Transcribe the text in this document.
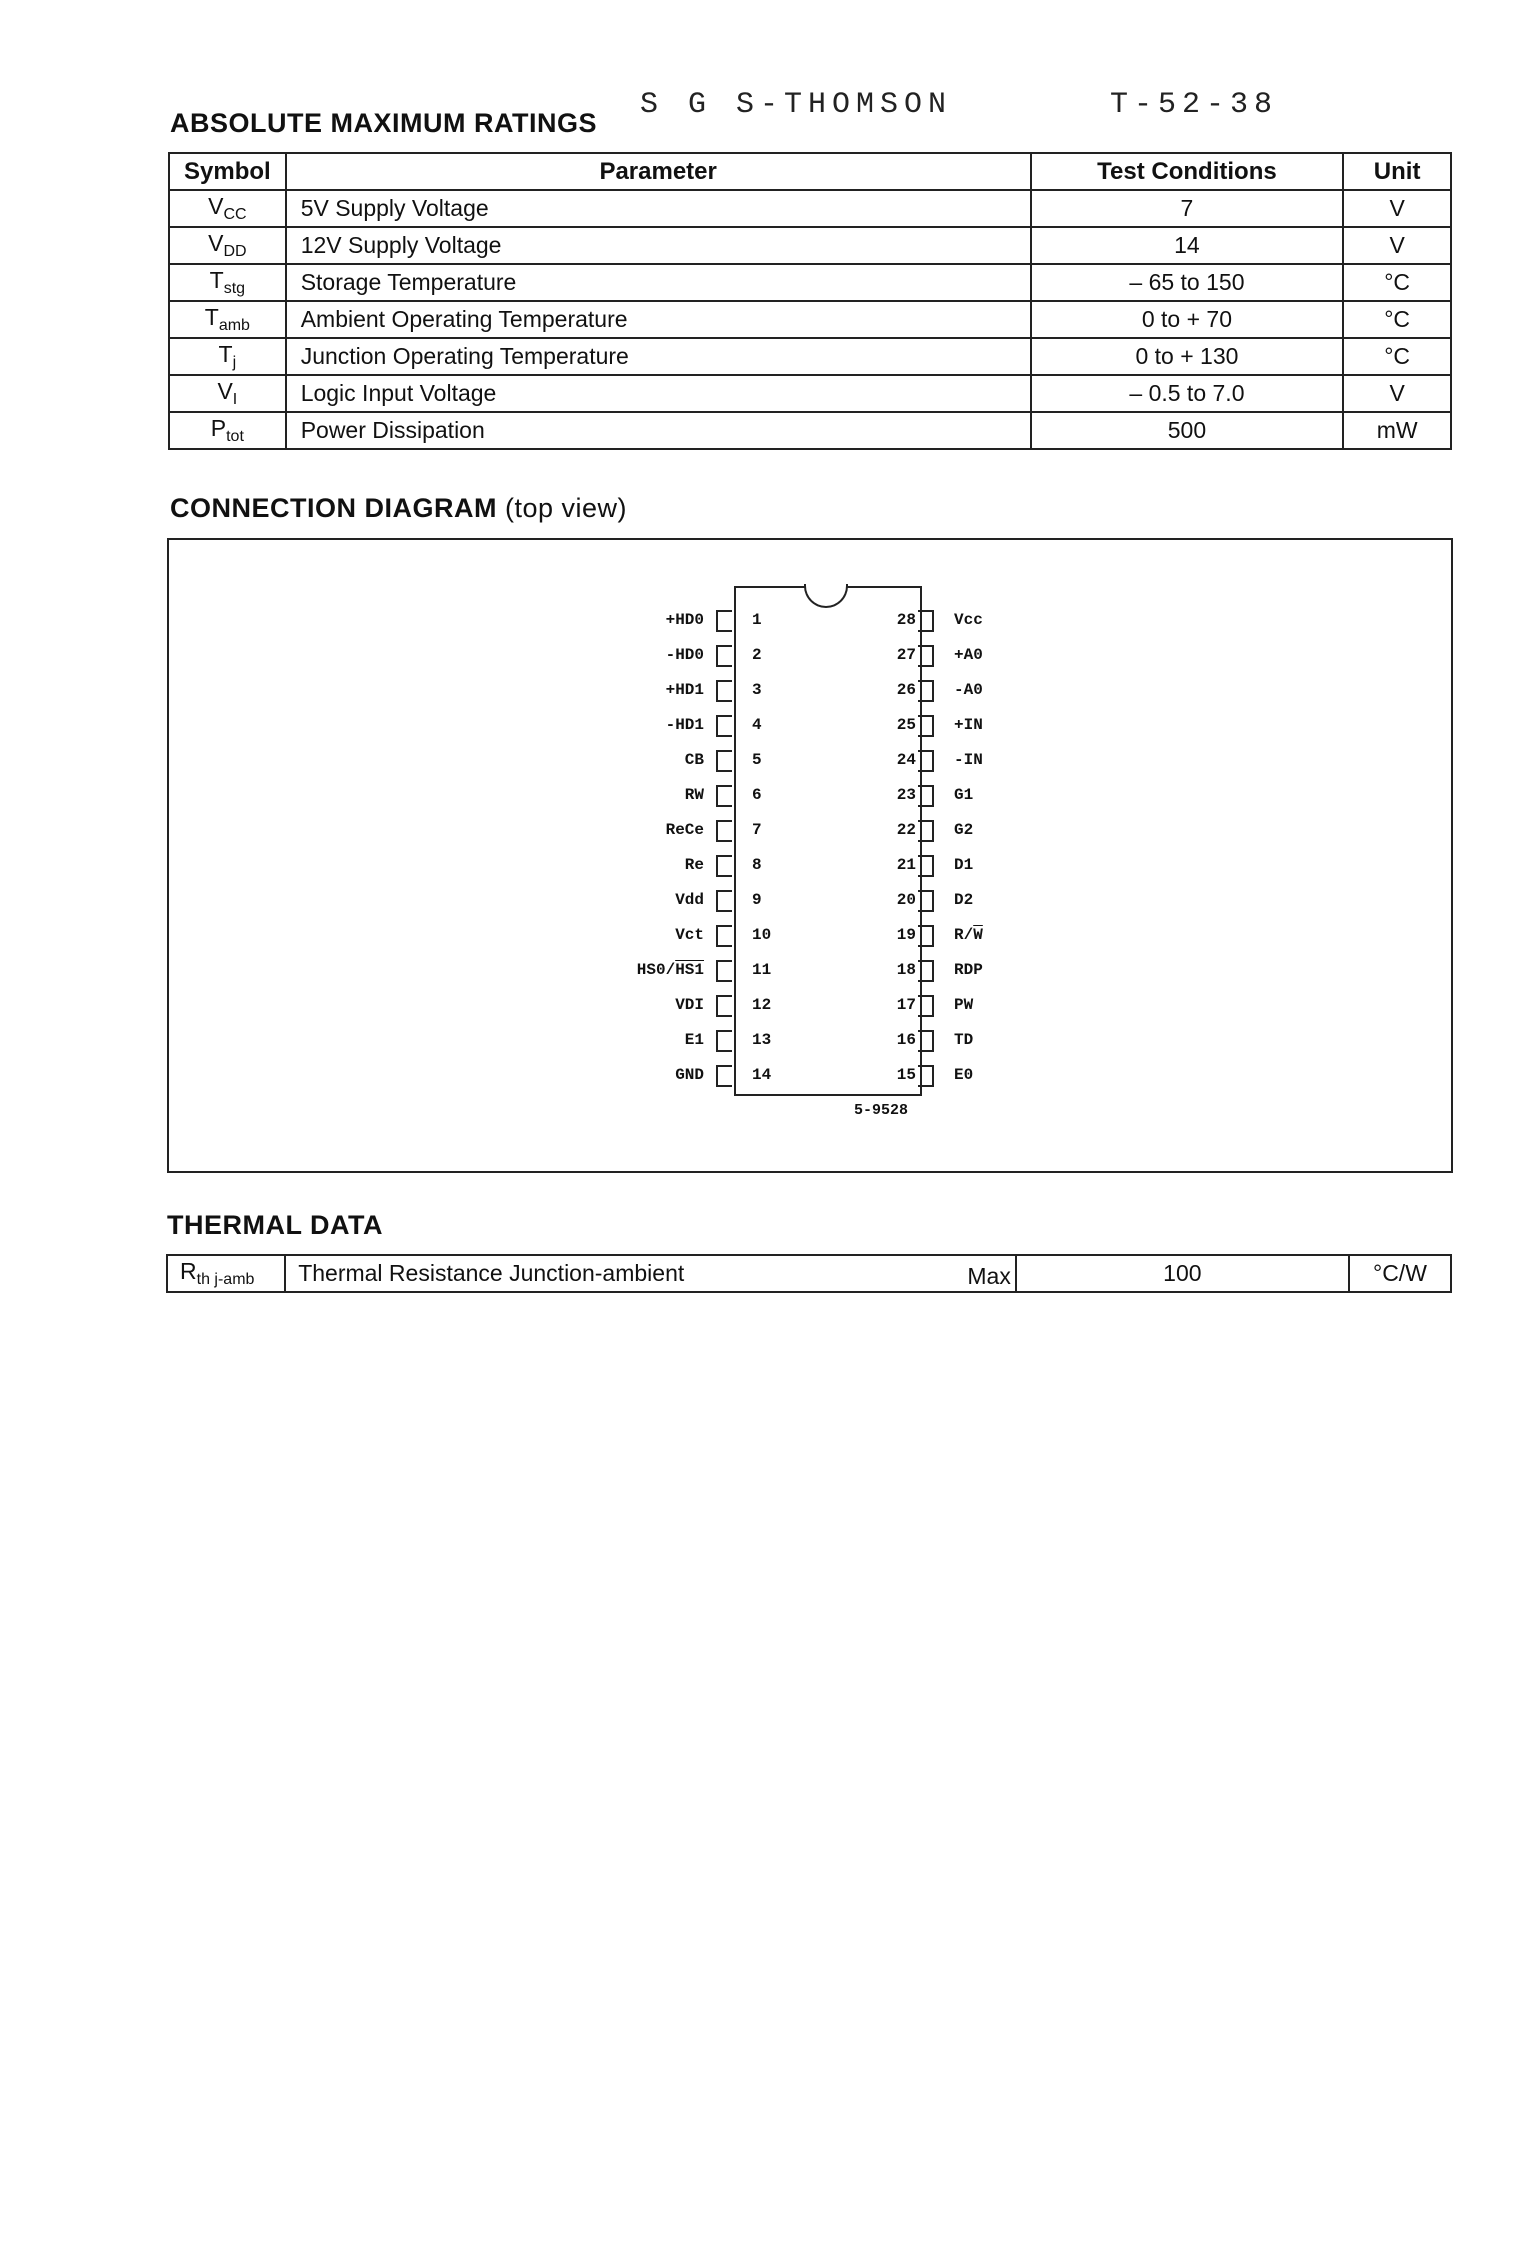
S G S-THOMSON	T-52-38
ABSOLUTE MAXIMUM RATINGS
Symbol	Parameter	Test Conditions	Unit
$V_{CC}$	5V Supply Voltage	7	V
$V_{DD}$	12V Supply Voltage	14	V
$T_{stg}$	Storage Temperature	– 65 to 150	°C
$T_{amb}$	Ambient Operating Temperature	0 to + 70	°C
$T_j$	Junction Operating Temperature	0 to + 130	°C
$V_I$	Logic Input Voltage	– 0.5 to 7.0	V
$P_{tot}$	Power Dissipation	500	mW
CONNECTION DIAGRAM (top view)
+HD0	1	28 Vcc
-HD0	2	27 +A0
+HD1	3	26 -A0
-HD1	4	25 +IN
CB	5	24 -IN
RW	6	23 G1
ReCe	7	22 G2
Re	8	21 D1
Vdd	9	20 D2
Vct	10	19 $R/\overline{W}$
HS0/HS1	11	18 RDP
VDI	12	17 PW
E1	13	16 TD
GND	14	15 E0
5-9528
THERMAL DATA
$R_{th j-amb}$	Thermal Resistance Junction-ambient	Max	100	°C/W
